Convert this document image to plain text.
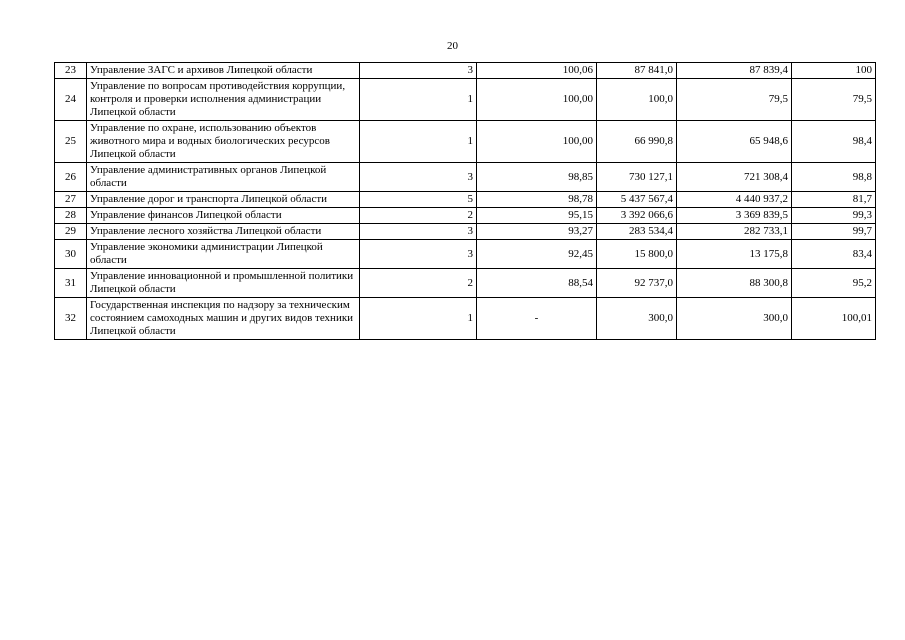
20
23	Управление ЗАГС и архивов Липецкой области	3	100,06	87 841,0	87 839,4	100
24	Управление по вопросам противодействия коррупции, контроля и проверки исполнения администрации Липецкой области	1	100,00	100,0	79,5	79,5
25	Управление по охране, использованию объектов животного мира и водных биологических ресурсов Липецкой области	1	100,00	66 990,8	65 948,6	98,4
26	Управление административных органов Липецкой области	3	98,85	730 127,1	721 308,4	98,8
27	Управление дорог и транспорта Липецкой области	5	98,78	5 437 567,4	4 440 937,2	81,7
28	Управление финансов Липецкой области	2	95,15	3 392 066,6	3 369 839,5	99,3
29	Управление лесного хозяйства Липецкой области	3	93,27	283 534,4	282 733,1	99,7
30	Управление экономики администрации Липецкой области	3	92,45	15 800,0	13 175,8	83,4
31	Управление инновационной и промышленной политики Липецкой области	2	88,54	92 737,0	88 300,8	95,2
32	Государственная инспекция по надзору за техническим состоянием самоходных машин и других видов техники Липецкой области	1	-	300,0	300,0	100,01
